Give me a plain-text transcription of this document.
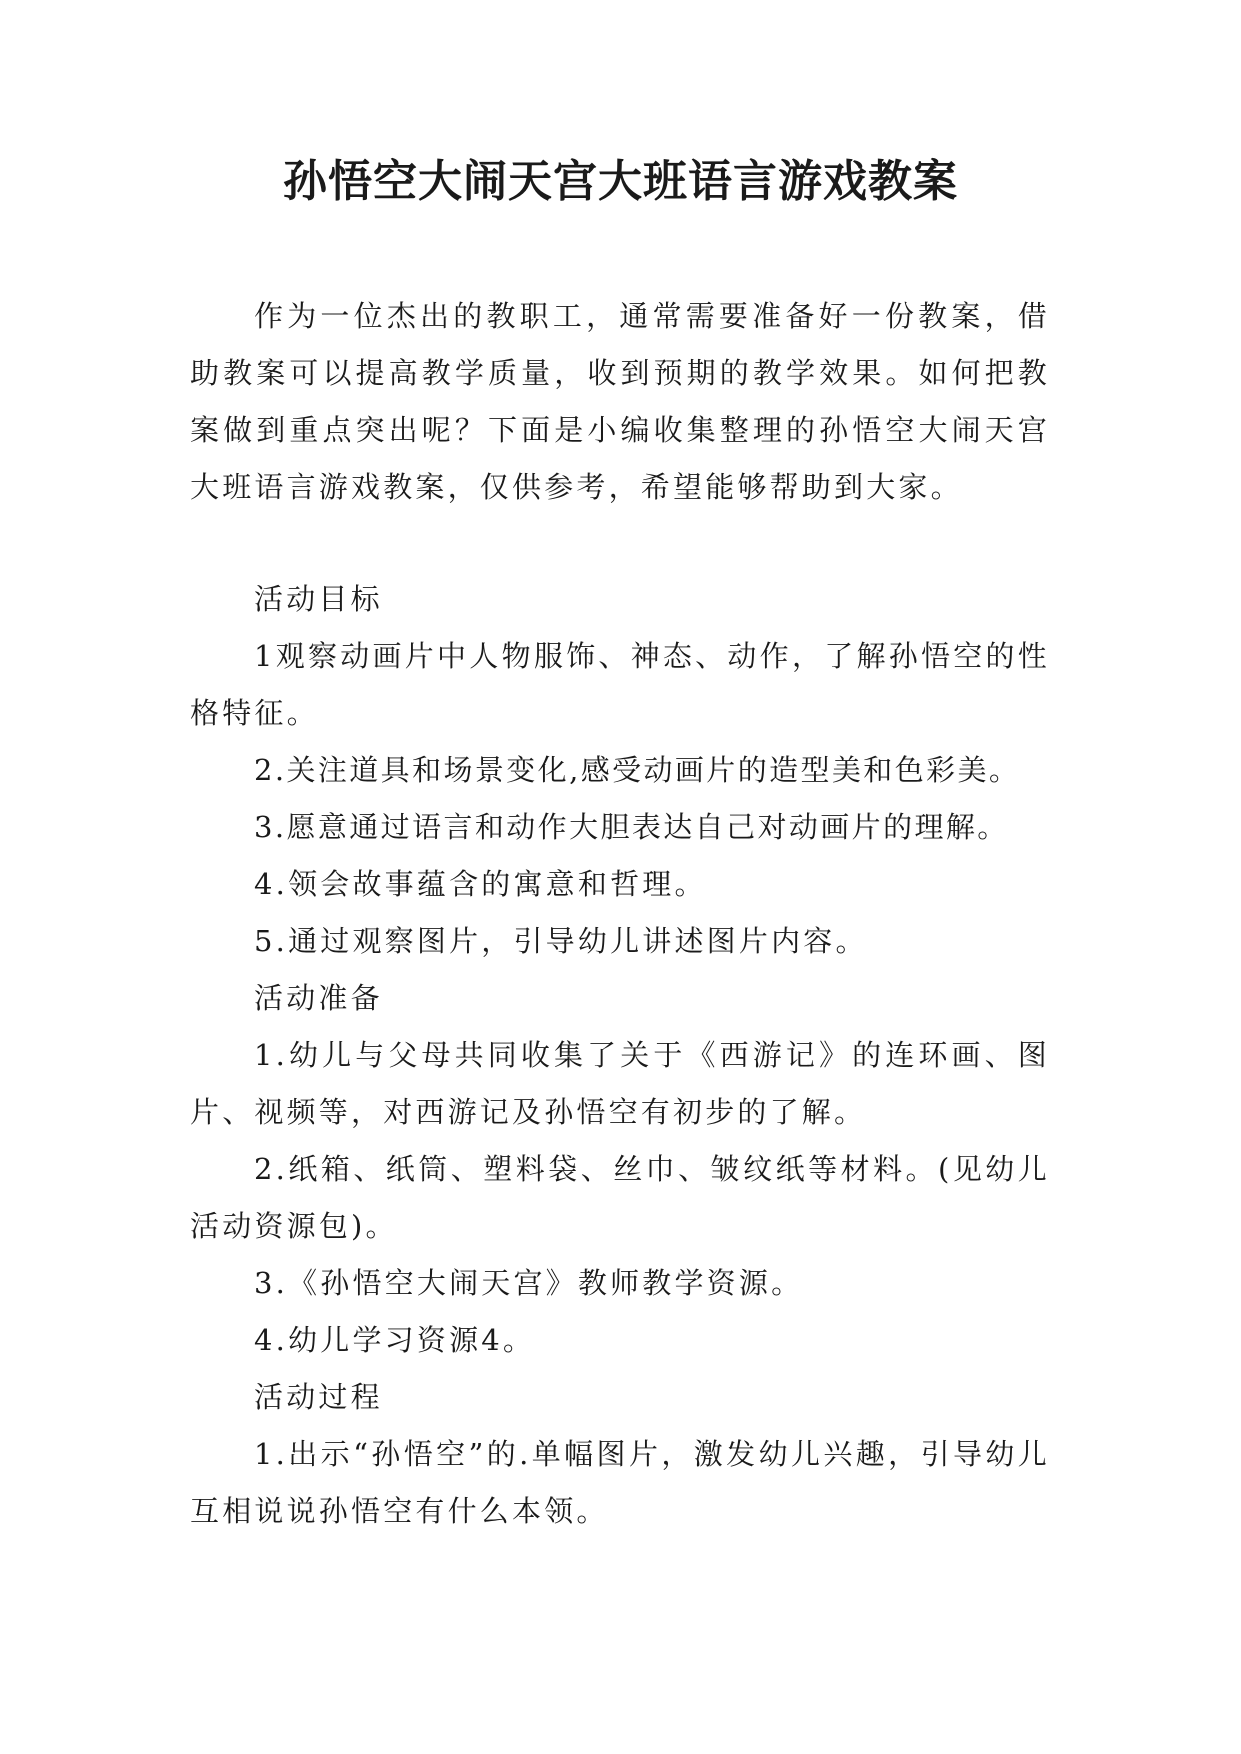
孙悟空大闹天宫大班语言游戏教案

作为一位杰出的教职工，通常需要准备好一份教案，借助教案可以提高教学质量，收到预期的教学效果。如何把教案做到重点突出呢？下面是小编收集整理的孙悟空大闹天宫大班语言游戏教案，仅供参考，希望能够帮助到大家。

活动目标

1观察动画片中人物服饰、神态、动作，了解孙悟空的性格特征。

2.关注道具和场景变化,感受动画片的造型美和色彩美。

3.愿意通过语言和动作大胆表达自己对动画片的理解。

4.领会故事蕴含的寓意和哲理。

5.通过观察图片，引导幼儿讲述图片内容。

活动准备

1.幼儿与父母共同收集了关于《西游记》的连环画、图片、视频等，对西游记及孙悟空有初步的了解。

2.纸箱、纸筒、塑料袋、丝巾、皱纹纸等材料。(见幼儿活动资源包)。

3.《孙悟空大闹天宫》教师教学资源。

4.幼儿学习资源4。

活动过程

1.出示“孙悟空”的.单幅图片，激发幼儿兴趣，引导幼儿互相说说孙悟空有什么本领。
